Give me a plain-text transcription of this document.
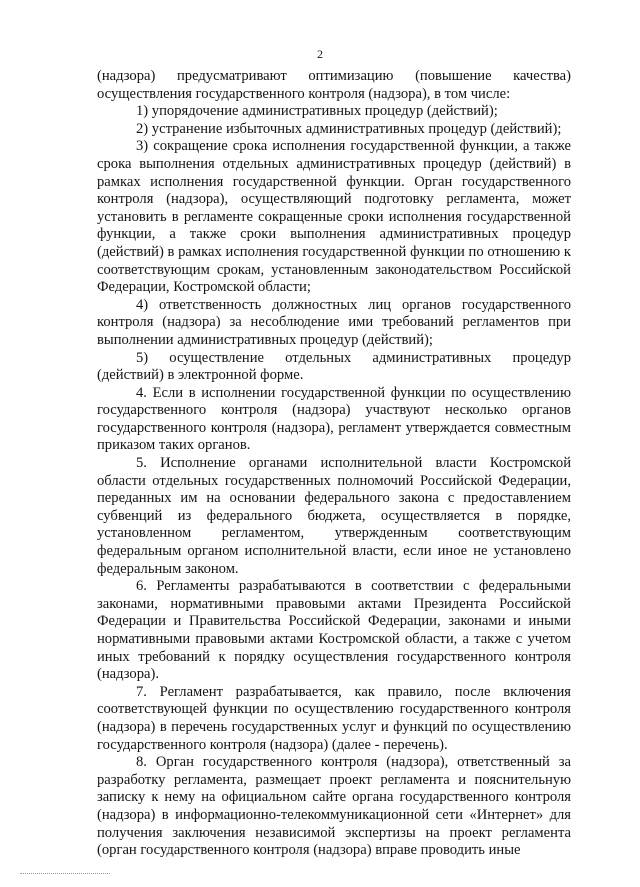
2

(надзора) предусматривают оптимизацию (повышение качества) осуществления государственного контроля (надзора), в том числе:

1) упорядочение административных процедур (действий);

2) устранение избыточных административных процедур (действий);

3) сокращение срока исполнения государственной функции, а также срока выполнения отдельных административных процедур (действий) в рамках исполнения государственной функции. Орган государственного контроля (надзора), осуществляющий подготовку регламента, может установить в регламенте сокращенные сроки исполнения государственной функции, а также сроки выполнения административных процедур (действий) в рамках исполнения государственной функции по отношению к соответствующим срокам, установленным законодательством Российской Федерации, Костромской области;

4) ответственность должностных лиц органов государственного контроля (надзора) за несоблюдение ими требований регламентов при выполнении административных процедур (действий);

5) осуществление отдельных административных процедур (действий) в электронной форме.

4. Если в исполнении государственной функции по осуществлению государственного контроля (надзора) участвуют несколько органов государственного контроля (надзора), регламент утверждается совместным приказом таких органов.

5. Исполнение органами исполнительной власти Костромской области отдельных государственных полномочий Российской Федерации, переданных им на основании федерального закона с предоставлением субвенций из федерального бюджета, осуществляется в порядке, установленном регламентом, утвержденным соответствующим федеральным органом исполнительной власти, если иное не установлено федеральным законом.

6. Регламенты разрабатываются в соответствии с федеральными законами, нормативными правовыми актами Президента Российской Федерации и Правительства Российской Федерации, законами и иными нормативными правовыми актами Костромской области, а также с учетом иных требований к порядку осуществления государственного контроля (надзора).

7. Регламент разрабатывается, как правило, после включения соответствующей функции по осуществлению государственного контроля (надзора) в перечень государственных услуг и функций по осуществлению государственного контроля (надзора) (далее - перечень).

8. Орган государственного контроля (надзора), ответственный за разработку регламента, размещает проект регламента и пояснительную записку к нему на официальном сайте органа государственного контроля (надзора) в информационно-телекоммуникационной сети «Интернет» для получения заключения независимой экспертизы на проект регламента (орган государственного контроля (надзора) вправе проводить иные
